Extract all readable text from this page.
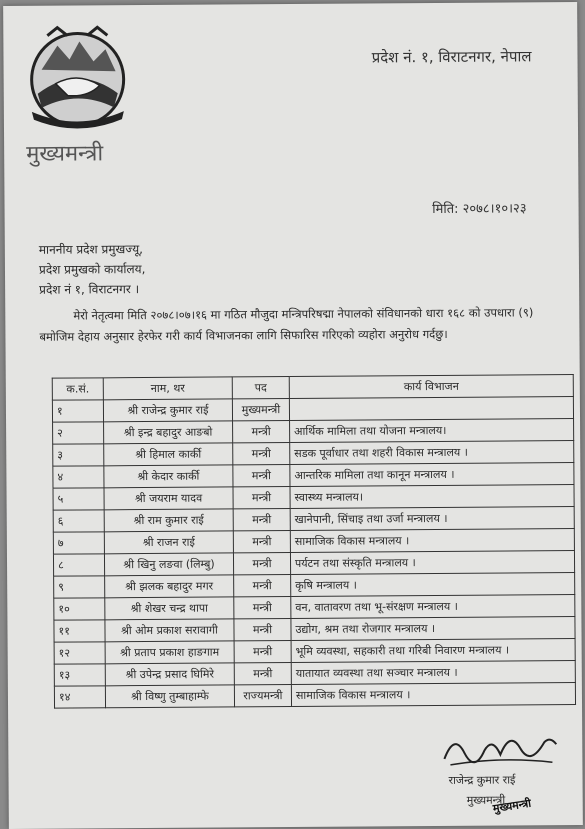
मुख्यमन्त्री
प्रदेश नं. १, विराटनगर, नेपाल
मिति: २०७८।१०।२३
माननीय प्रदेश प्रमुखज्यू,
प्रदेश प्रमुखको कार्यालय,
प्रदेश नं १, विराटनगर ।
मेरो नेतृत्वमा मिति २०७८।०७।१६ मा गठित मौजुदा मन्त्रिपरिषद्मा नेपालको संविधानको धारा १६८ को उपधारा (९) बमोजिम देहाय अनुसार हेरफेर गरी कार्य विभाजनका लागि सिफारिस गरिएको व्यहोरा अनुरोध गर्दछु।
क.सं.	नाम, थर	पद	कार्य विभाजन
१	श्री राजेन्द्र कुमार राई	मुख्यमन्त्री	
२	श्री इन्द्र बहादुर आङबो	मन्त्री	आर्थिक मामिला तथा योजना मन्त्रालय।
३	श्री हिमाल कार्की	मन्त्री	सडक पूर्वाधार तथा शहरी विकास मन्त्रालय ।
४	श्री केदार कार्की	मन्त्री	आन्तरिक मामिला तथा कानून मन्त्रालय ।
५	श्री जयराम यादव	मन्त्री	स्वास्थ्य मन्त्रालय।
६	श्री राम कुमार राई	मन्त्री	खानेपानी, सिंचाइ तथा उर्जा मन्त्रालय ।
७	श्री राजन राई	मन्त्री	सामाजिक विकास मन्त्रालय ।
८	श्री खिनु लङवा (लिम्बु)	मन्त्री	पर्यटन तथा संस्कृति मन्त्रालय ।
९	श्री झलक बहादुर मगर	मन्त्री	कृषि मन्त्रालय ।
१०	श्री शेखर चन्द्र थापा	मन्त्री	वन, वातावरण तथा भू-संरक्षण मन्त्रालय ।
११	श्री ओम प्रकाश सरावागी	मन्त्री	उद्योग, श्रम तथा रोजगार मन्त्रालय ।
१२	श्री प्रताप प्रकाश हाङगाम	मन्त्री	भूमि व्यवस्था, सहकारी तथा गरिबी निवारण मन्त्रालय ।
१३	श्री उपेन्द्र प्रसाद घिमिरे	मन्त्री	यातायात व्यवस्था तथा सञ्चार मन्त्रालय ।
१४	श्री विष्णु तुम्बाहाम्फे	राज्यमन्त्री	सामाजिक विकास मन्त्रालय ।
राजेन्द्र कुमार राई
मुख्यमन्त्री
मुख्यमन्त्री
